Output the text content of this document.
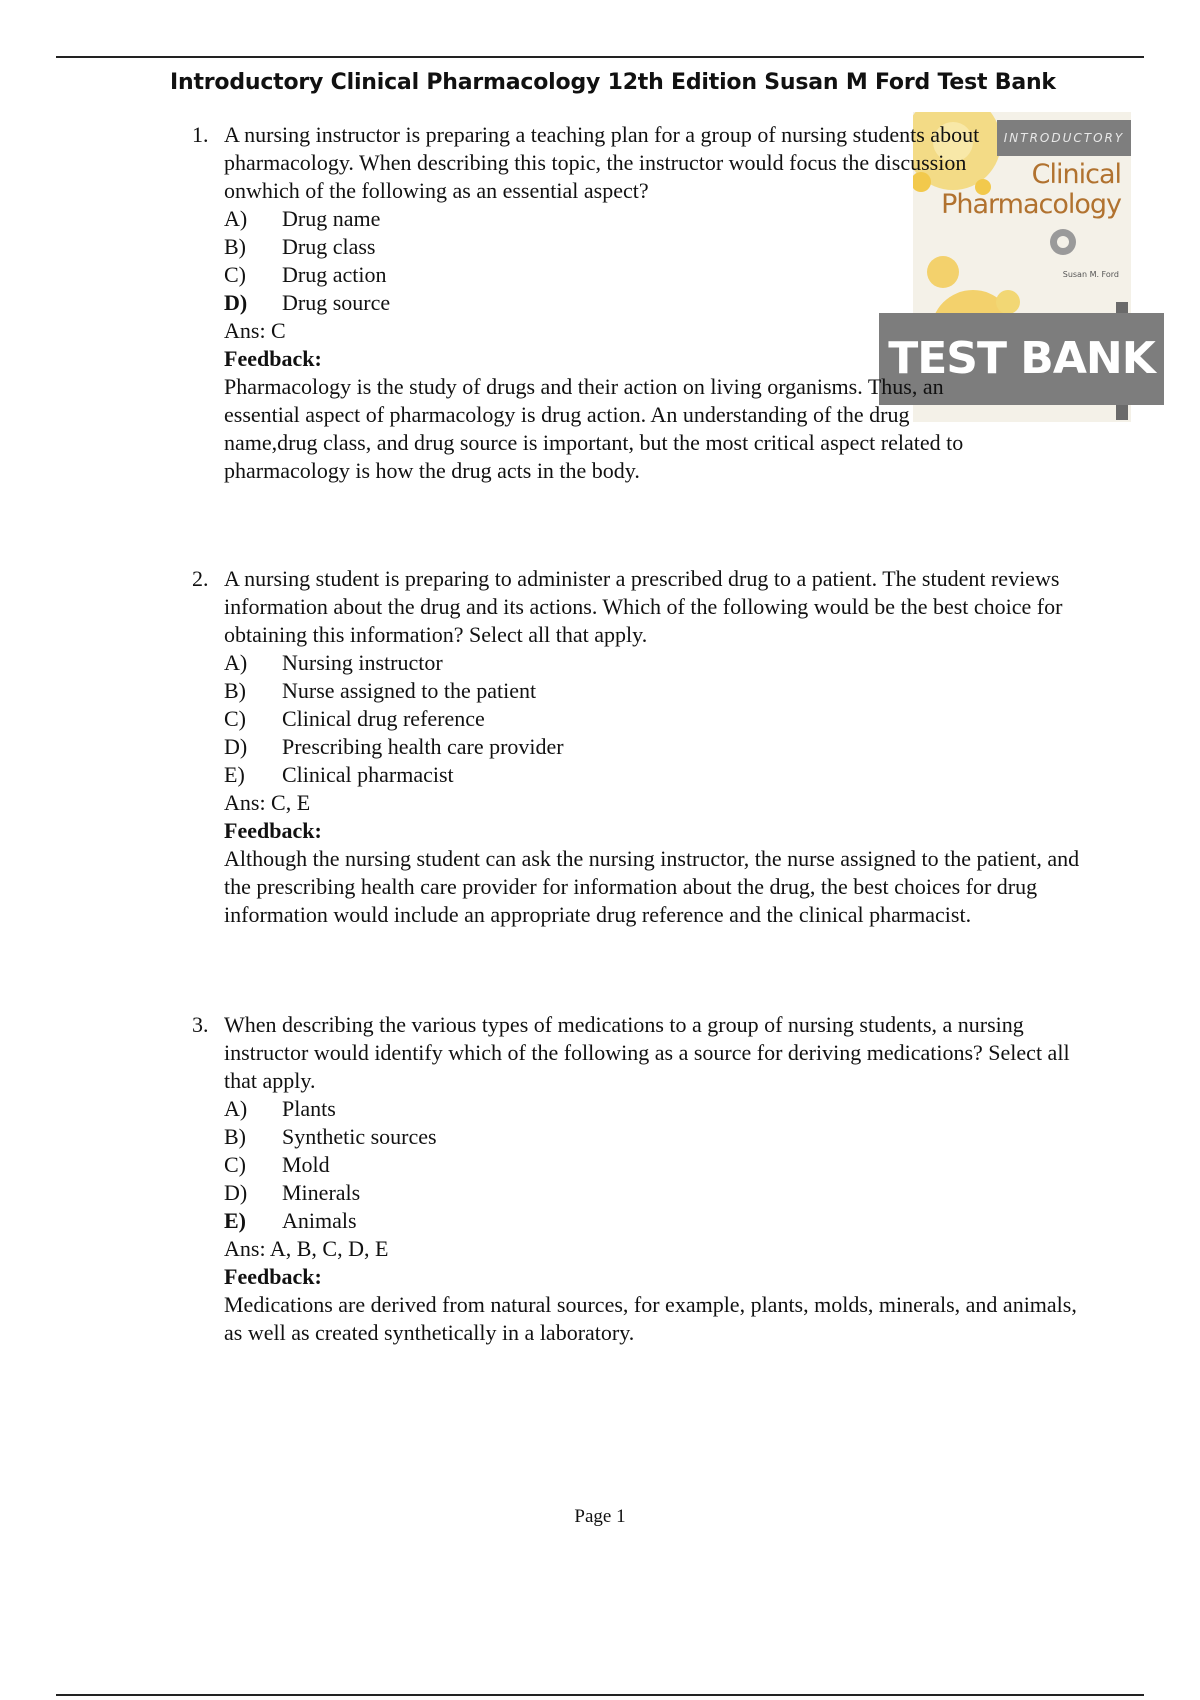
Introductory Clinical Pharmacology 12th Edition Susan M Ford Test Bank
INTRODUCTORY
Clinical
Pharmacology
Susan M. Ford
TEST BANK
1. A nursing instructor is preparing a teaching plan for a group of nursing students about pharmacology. When describing this topic, the instructor would focus the discussion onwhich of the following as an essential aspect?

A)	Drug name
B)	Drug class
C)	Drug action
D)	Drug source

Ans: C

Feedback:

Pharmacology is the study of drugs and their action on living organisms. Thus, an essential aspect of pharmacology is drug action. An understanding of the drug name,drug class, and drug source is important, but the most critical aspect related to pharmacology is how the drug acts in the body.

2. A nursing student is preparing to administer a prescribed drug to a patient. The student reviews information about the drug and its actions. Which of the following would be the best choice for obtaining this information? Select all that apply.

A)	Nursing instructor
B)	Nurse assigned to the patient
C)	Clinical drug reference
D)	Prescribing health care provider
E)	Clinical pharmacist

Ans: C, E

Feedback:

Although the nursing student can ask the nursing instructor, the nurse assigned to the patient, and the prescribing health care provider for information about the drug, the best choices for drug information would include an appropriate drug reference and the clinical pharmacist.

3. When describing the various types of medications to a group of nursing students, a nursing instructor would identify which of the following as a source for deriving medications? Select all that apply.

A)	Plants
B)	Synthetic sources
C)	Mold
D)	Minerals
E)	Animals

Ans: A, B, C, D, E

Feedback:

Medications are derived from natural sources, for example, plants, molds, minerals, and animals, as well as created synthetically in a laboratory.

Page 1
